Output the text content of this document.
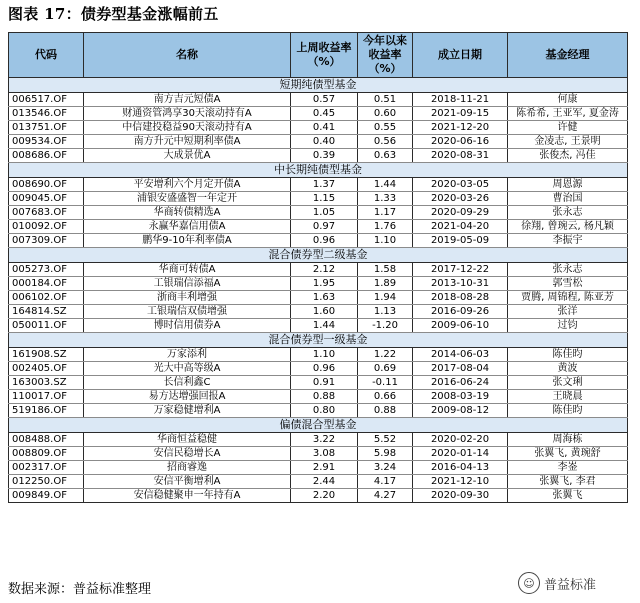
图表 17：债券型基金涨幅前五
代码	名称	上周收益率（%）	今年以来收益率（%）	成立日期	基金经理
短期纯债型基金					
006517.OF	南方吉元短债A	0.57	0.51	2018-11-21	何康
013546.OF	财通资管鸿享30天滚动持有A	0.45	0.60	2021-09-15	陈希希, 王亚军, 夏金涛
013751.OF	中信建投稳益90天滚动持有A	0.41	0.55	2021-12-20	许健
009534.OF	南方升元中短期利率债A	0.40	0.56	2020-06-16	金凌志, 王景明
008686.OF	大成景优A	0.39	0.63	2020-08-31	张俊杰, 冯佳
中长期纯债型基金					
008690.OF	平安增利六个月定开债A	1.37	1.44	2020-03-05	周恩源
009045.OF	浦银安盛盛智一年定开	1.15	1.33	2020-03-26	曹治国
007683.OF	华商转债精选A	1.05	1.17	2020-09-29	张永志
010092.OF	永赢华嘉信用债A	0.97	1.76	2021-04-20	徐翔, 曾琬云, 杨凡颖
007309.OF	鹏华9-10年利率债A	0.96	1.10	2019-05-09	李振宇
混合债券型二级基金					
005273.OF	华商可转债A	2.12	1.58	2017-12-22	张永志
000184.OF	工银瑞信添福A	1.95	1.89	2013-10-31	郭雪松
006102.OF	浙商丰利增强	1.63	1.94	2018-08-28	贾腾, 周锦程, 陈亚芳
164814.SZ	工银瑞信双债增强	1.60	1.13	2016-09-26	张洋
050011.OF	博时信用债券A	1.44	-1.20	2009-06-10	过钧
混合债券型一级基金					
161908.SZ	万家添利	1.10	1.22	2014-06-03	陈佳昀
002405.OF	光大中高等级A	0.96	0.69	2017-08-04	黄波
163003.SZ	长信利鑫C	0.91	-0.11	2016-06-24	张文琍
110017.OF	易方达增强回报A	0.88	0.66	2008-03-19	王晓晨
519186.OF	万家稳健增利A	0.80	0.88	2009-08-12	陈佳昀
偏债混合型基金					
008488.OF	华商恒益稳健	3.22	5.52	2020-02-20	周海栋
008809.OF	安信民稳增长A	3.08	5.98	2020-01-14	张翼飞, 黄琬舒
002317.OF	招商睿逸	2.91	3.24	2016-04-13	李崟
012250.OF	安信平衡增利A	2.44	4.17	2021-12-10	张翼飞, 李君
009849.OF	安信稳健聚申一年持有A	2.20	4.27	2020-09-30	张翼飞
数据来源：普益标准整理	☺ 普益标准
